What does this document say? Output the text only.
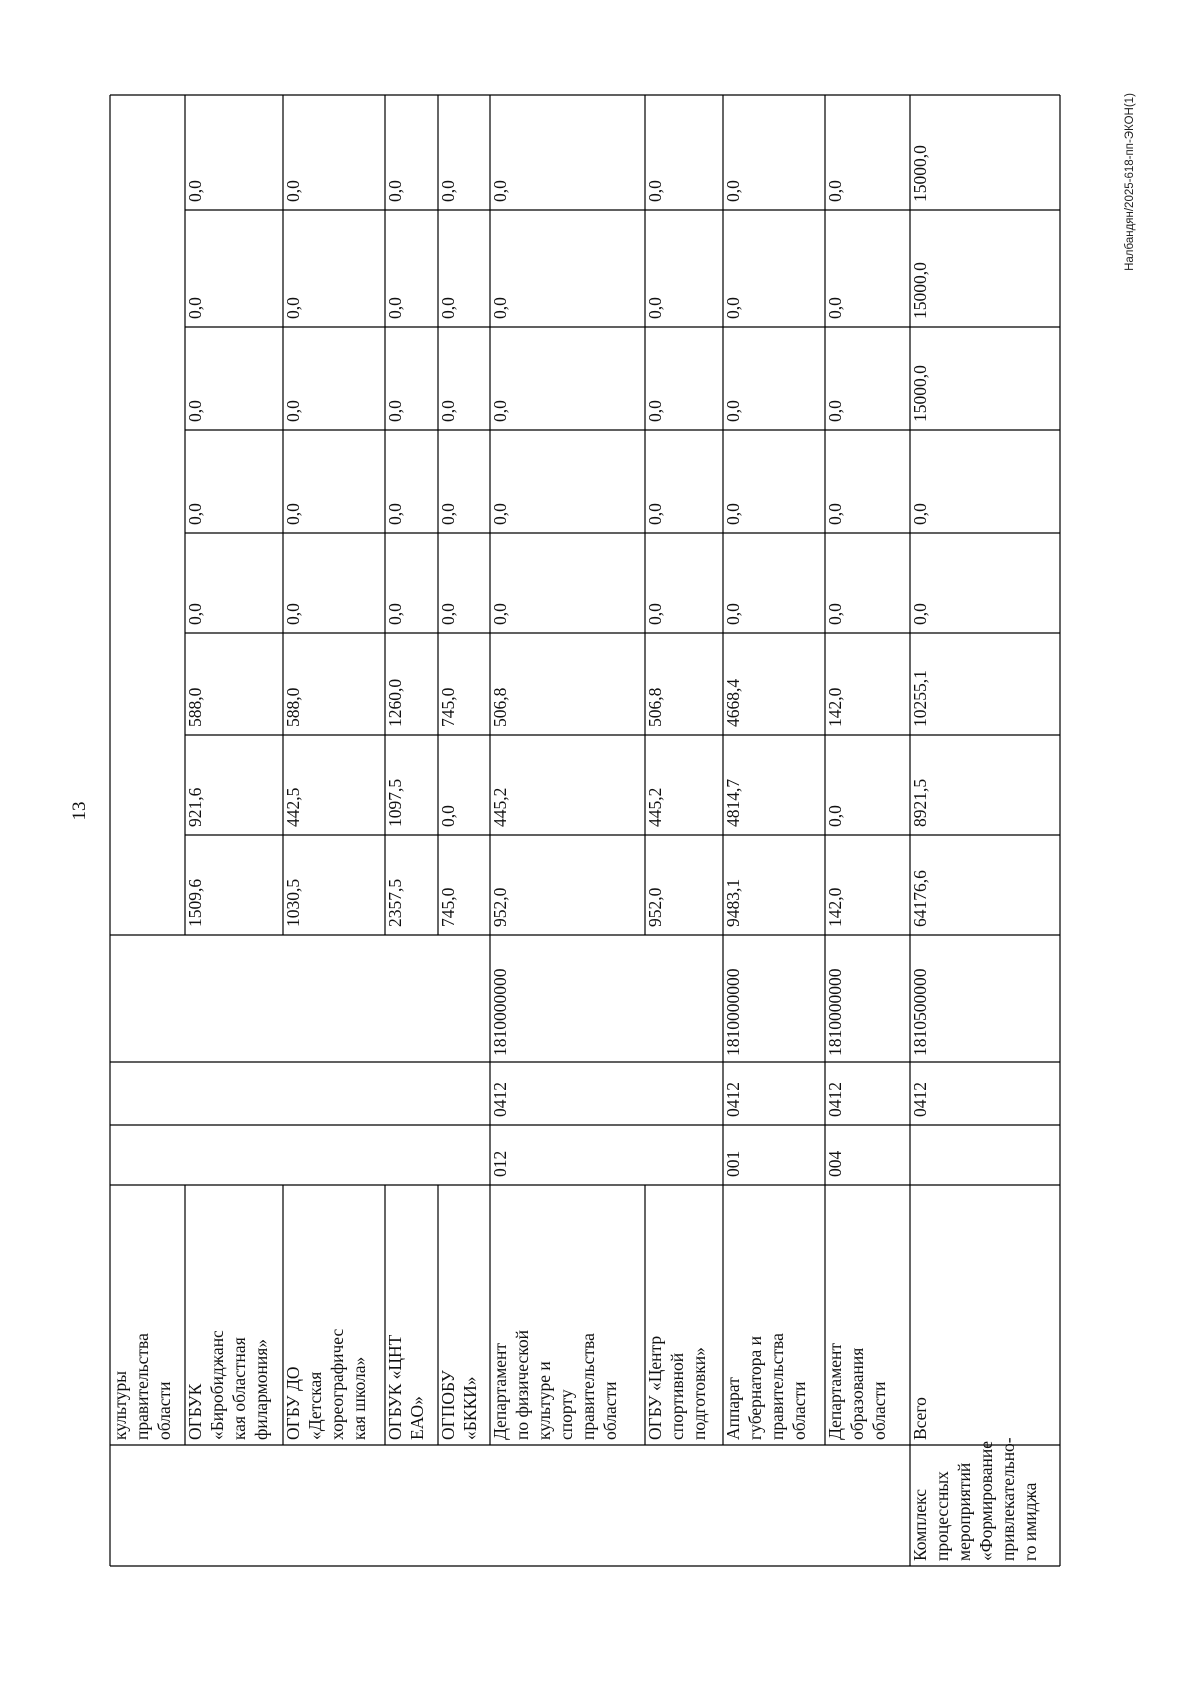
13
Налбандян/2025-618-пп-ЭКОН(1)
культуры правительства области ОГБУК «Биробиджанс кая областная филармония»
1509,6
921,6
588,0
0,0
0,0
0,0
0,0
0,0
ОГБУ ДО «Детская хореографичес кая школа»
1030,5
442,5
588,0
0,0
0,0
0,0
0,0
0,0
ОГБУК «ЦНТ ЕАО»
2357,5
1097,5
1260,0
0,0
0,0
0,0
0,0
0,0
ОГПОБУ «БККИ»
745,0
0,0
745,0
0,0
0,0
0,0
0,0
0,0
Департамент по физической культуре и спорту правительства области
012
0412
1810000000
952,0
445,2
506,8
0,0
0,0
0,0
0,0
0,0
ОГБУ «Центр спортивной подготовки»
952,0
445,2
506,8
0,0
0,0
0,0
0,0
0,0
Аппарат губернатора и правительства области
001
0412
1810000000
9483,1
4814,7
4668,4
0,0
0,0
0,0
0,0
0,0
Департамент образования области
004
0412
1810000000
142,0
0,0
142,0
0,0
0,0
0,0
0,0
0,0
Всего
Комплекс процессных мероприятий «Формирование привлекательно- го имиджа
0412
1810500000
64176,6
8921,5
10255,1
0,0
0,0
15000,0
15000,0
15000,0
